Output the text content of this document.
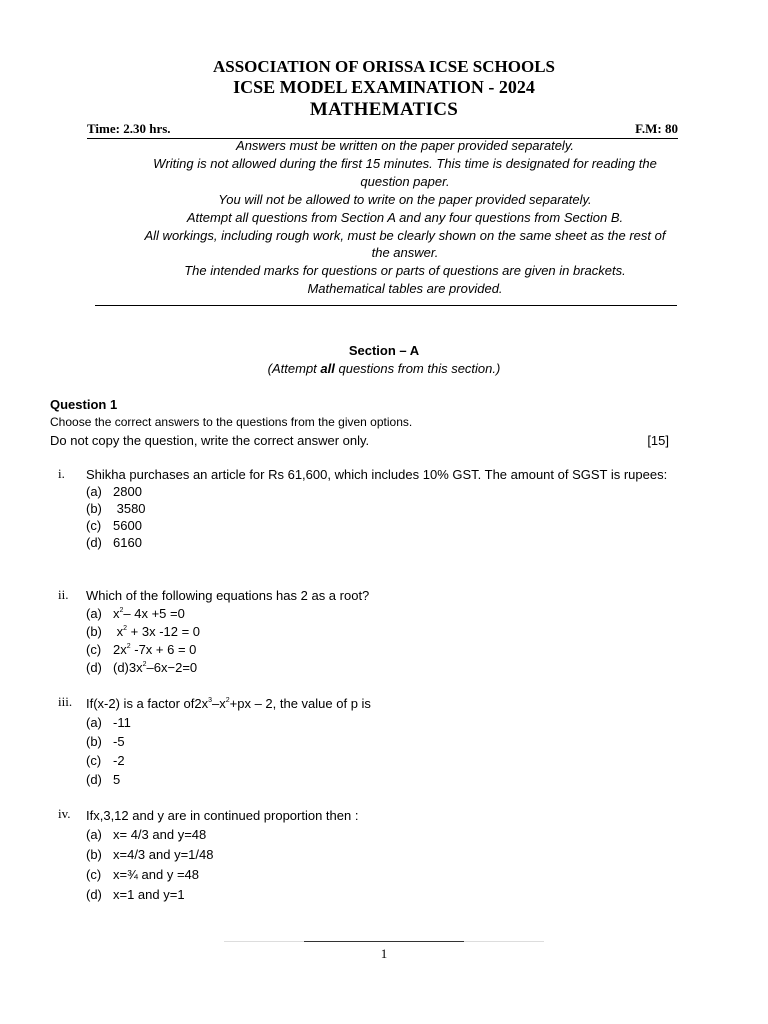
ASSOCIATION OF ORISSA ICSE SCHOOLS
ICSE MODEL EXAMINATION - 2024
MATHEMATICS
Time: 2.30 hrs.	F.M: 80
Answers must be written on the paper provided separately.
Writing is not allowed during the first 15 minutes. This time is designated for reading the question paper.
You will not be allowed to write on the paper provided separately.
Attempt all questions from Section A and any four questions from Section B.
All workings, including rough work, must be clearly shown on the same sheet as the rest of the answer.
The intended marks for questions or parts of questions are given in brackets.
Mathematical tables are provided.
Section – A
(Attempt all questions from this section.)
Question 1
Choose the correct answers to the questions from the given options.
Do not copy the question, write the correct answer only.	[15]
i. Shikha purchases an article for Rs 61,600, which includes 10% GST. The amount of SGST is rupees:
(a) 2800
(b) 3580
(c) 5600
(d) 6160
ii. Which of the following equations has 2 as a root?
(a) $x^2-$ 4x +5 =0
(b) $x^2 + 3x$ -12 = 0
(c) $2x^2$ -7x + 6 = 0
(d) $(d)3x^2-6x-2=0$
iii. If(x-2) is a factor $of2x^3-x^2+px - 2$, the value of p is
(a) -11
(b) -5
(c) -2
(d) 5
iv. Ifx,3,12 and y are in continued proportion then :
(a) x= 4/3 and y=48
(b) x=4/3 and y=1/48
(c) x=¾ and y =48
(d) x=1 and y=1
1
